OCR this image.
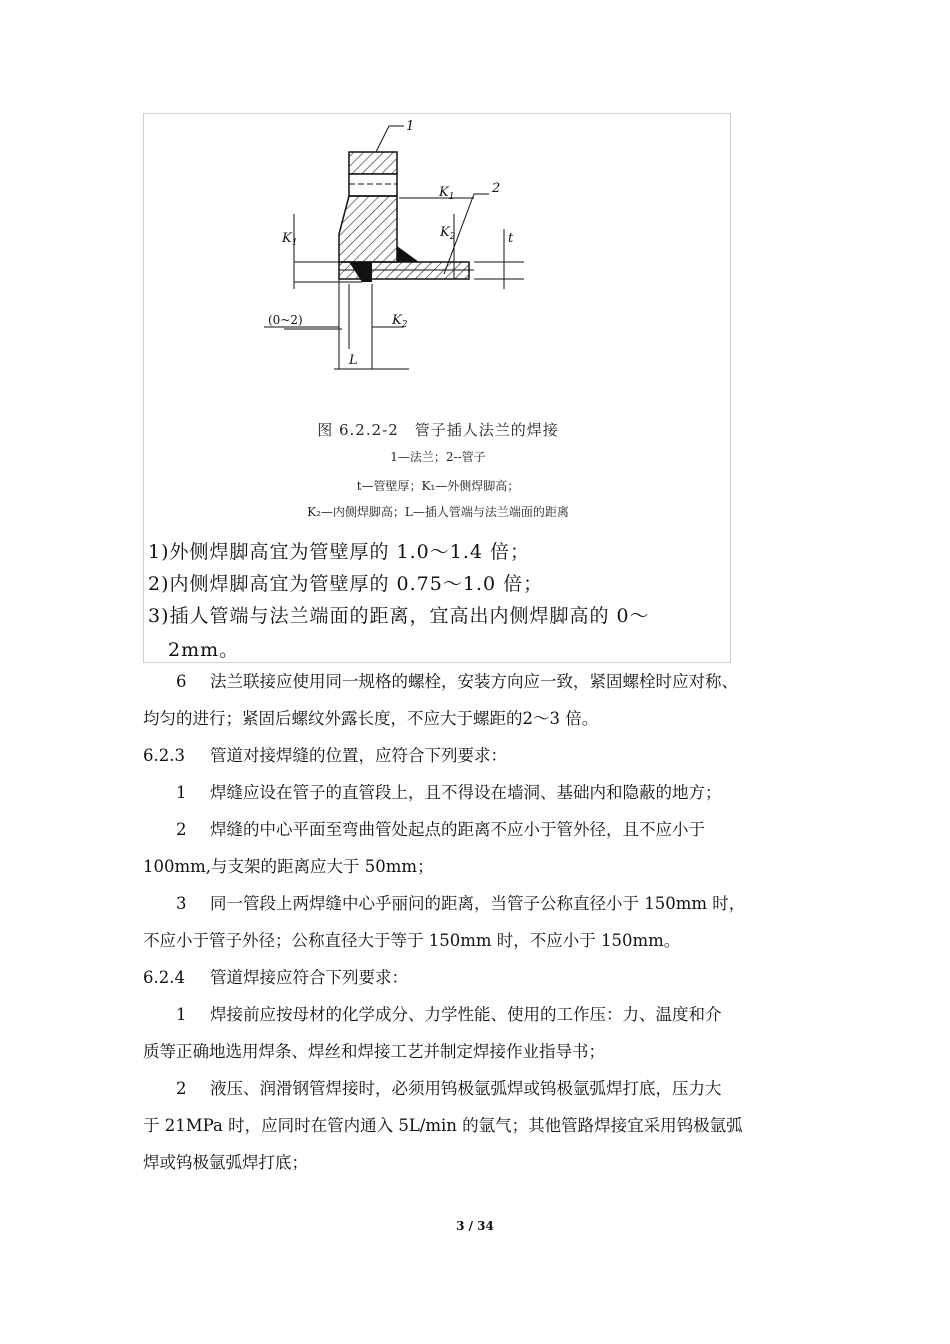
1
2
$K_1$
$K_1$
$K_2$
$K_2$
t
L
(0~2)
图 6.2.2-2　管子插人法兰的焊接
1—法兰；2--管子
t—管壁厚；K₁—外侧焊脚高；
K₂—内侧焊脚高；L—插人管端与法兰端面的距离
1)外侧焊脚高宜为管壁厚的 1.0～1.4 倍；
2)内侧焊脚高宜为管壁厚的 0.75～1.0 倍；
3)插人管端与法兰端面的距离，宜高出内侧焊脚高的 0～
2mm。
6 法兰联接应使用同一规格的螺栓，安装方向应一致，紧固螺栓时应对称、
均匀的进行；紧固后螺纹外露长度，不应大于螺距的2～3 倍。
6.2.3 管道对接焊缝的位置，应符合下列要求：
1 焊缝应设在管子的直管段上，且不得设在墙洞、基础内和隐蔽的地方；
2 焊缝的中心平面至弯曲管处起点的距离不应小于管外径，且不应小于
100mm,与支架的距离应大于 50mm；
3 同一管段上两焊缝中心乎丽问的距离，当管子公称直径小于 150mm 时，
不应小于管子外径；公称直径大于等于 150mm 时，不应小于 150mm。
6.2.4 管道焊接应符合下列要求：
1 焊接前应按母材的化学成分、力学性能、使用的工作压：力、温度和介
质等正确地选用焊条、焊丝和焊接工艺并制定焊接作业指导书；
2 液压、润滑钢管焊接时，必须用钨极氩弧焊或钨极氩弧焊打底，压力大
于 21MPa 时，应同时在管内通入 5L/min 的氩气；其他管路焊接宜采用钨极氩弧
焊或钨极氩弧焊打底；
3 / 34
